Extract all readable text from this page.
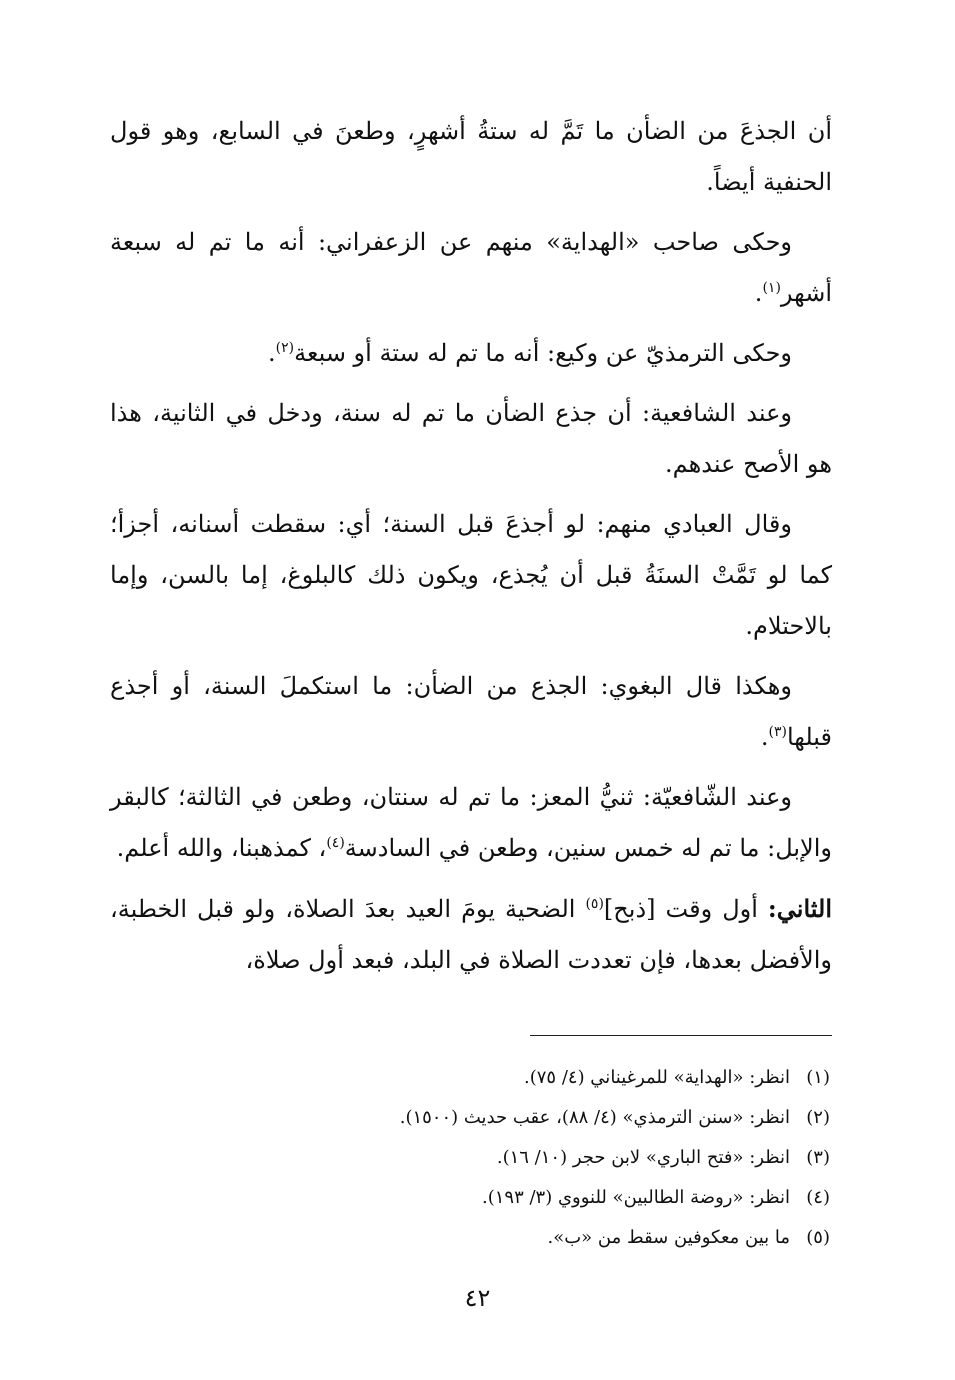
أن الجذعَ من الضأن ما تَمَّ له ستةُ أشهرٍ، وطعنَ في السابع، وهو قول الحنفية أيضاً.

وحكى صاحب «الهداية» منهم عن الزعفراني: أنه ما تم له سبعة أشهر$^{(١)}$.

وحكى الترمذيّ عن وكيع: أنه ما تم له ستة أو سبعة$^{(٢)}$.

وعند الشافعية: أن جذع الضأن ما تم له سنة، ودخل في الثانية، هذا هو الأصح عندهم.

وقال العبادي منهم: لو أجذعَ قبل السنة؛ أي: سقطت أسنانه، أجزأ؛ كما لو تَمَّتْ السنَةُ قبل أن يُجذع، ويكون ذلك كالبلوغ، إما بالسن، وإما بالاحتلام.

وهكذا قال البغوي: الجذع من الضأن: ما استكملَ السنة، أو أجذع قبلها$^{(٣)}$.

وعند الشّافعيّة: ثنيُّ المعز: ما تم له سنتان، وطعن في الثالثة؛ كالبقر والإبل: ما تم له خمس سنين، وطعن في السادسة$^{(٤)}$، كمذهبنا، والله أعلم.

الثاني: أول وقت [ذبح]$^{(٥)}$ الضحية يومَ العيد بعدَ الصلاة، ولو قبل الخطبة، والأفضل بعدها، فإن تعددت الصلاة في البلد، فبعد أول صلاة،

(١)انظر: «الهداية» للمرغيناني (٤/ ٧٥).
(٢)انظر: «سنن الترمذي» (٤/ ٨٨)، عقب حديث (١٥٠٠).
(٣)انظر: «فتح الباري» لابن حجر (١٠/ ١٦).
(٤)انظر: «روضة الطالبين» للنووي (٣/ ١٩٣).
(٥)ما بين معكوفين سقط من «ب».
٤٢
